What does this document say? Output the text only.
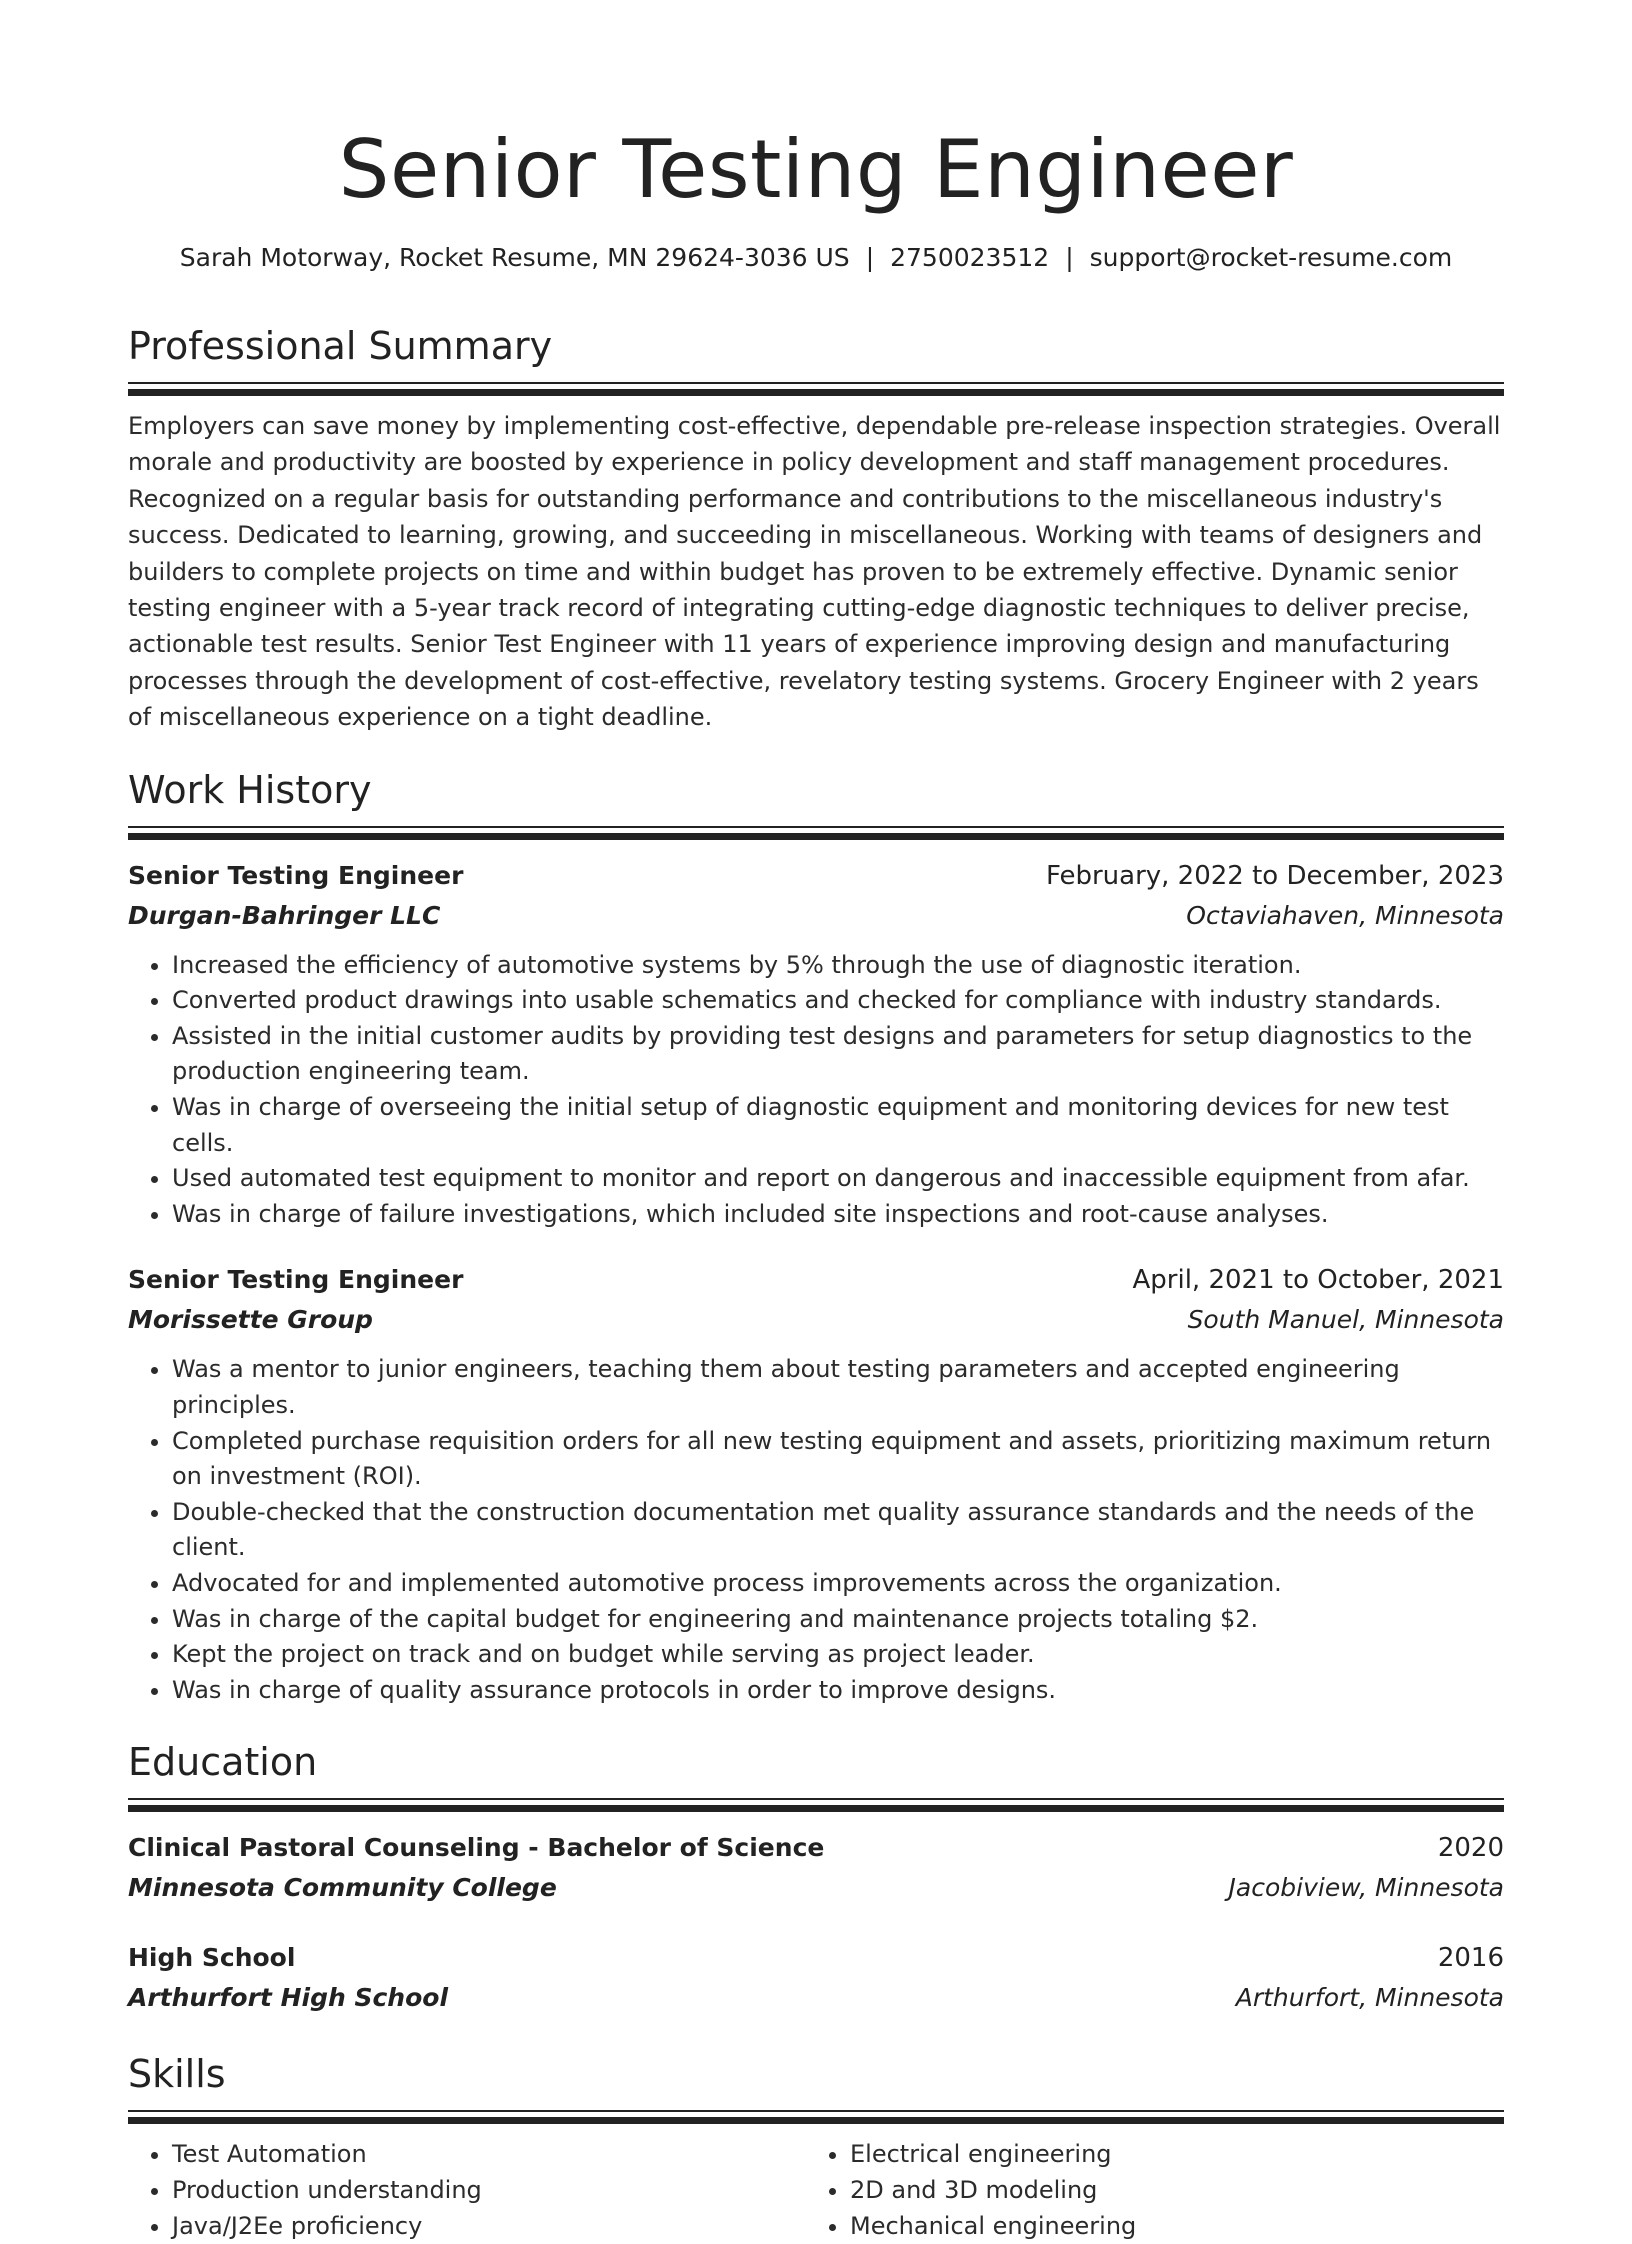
Senior Testing Engineer
Sarah Motorway, Rocket Resume, MN 29624-3036 US | 2750023512 | support@rocket-resume.com
Professional Summary

Employers can save money by implementing cost-effective, dependable pre-release inspection strategies. Overall morale and productivity are boosted by experience in policy development and staff management procedures. Recognized on a regular basis for outstanding performance and contributions to the miscellaneous industry's success. Dedicated to learning, growing, and succeeding in miscellaneous. Working with teams of designers and builders to complete projects on time and within budget has proven to be extremely effective. Dynamic senior testing engineer with a 5-year track record of integrating cutting-edge diagnostic techniques to deliver precise, actionable test results. Senior Test Engineer with 11 years of experience improving design and manufacturing processes through the development of cost-effective, revelatory testing systems. Grocery Engineer with 2 years of miscellaneous experience on a tight deadline.

Work History
Senior Testing Engineer	February, 2022 to December, 2023
Durgan-Bahringer LLC	Octaviahaven, Minnesota
• Increased the efficiency of automotive systems by 5% through the use of diagnostic iteration.
• Converted product drawings into usable schematics and checked for compliance with industry standards.
• Assisted in the initial customer audits by providing test designs and parameters for setup diagnostics to the production engineering team.
• Was in charge of overseeing the initial setup of diagnostic equipment and monitoring devices for new test cells.
• Used automated test equipment to monitor and report on dangerous and inaccessible equipment from afar.
• Was in charge of failure investigations, which included site inspections and root-cause analyses.
Senior Testing Engineer	April, 2021 to October, 2021
Morissette Group	South Manuel, Minnesota
• Was a mentor to junior engineers, teaching them about testing parameters and accepted engineering principles.
• Completed purchase requisition orders for all new testing equipment and assets, prioritizing maximum return on investment (ROI).
• Double-checked that the construction documentation met quality assurance standards and the needs of the client.
• Advocated for and implemented automotive process improvements across the organization.
• Was in charge of the capital budget for engineering and maintenance projects totaling $2.
• Kept the project on track and on budget while serving as project leader.
• Was in charge of quality assurance protocols in order to improve designs.
Education
Clinical Pastoral Counseling - Bachelor of Science	2020
Minnesota Community College	Jacobiview, Minnesota
High School	2016
Arthurfort High School	Arthurfort, Minnesota
Skills
• Test Automation
• Production understanding
• Java/J2Ee proficiency
• Electrical engineering
• 2D and 3D modeling
• Mechanical engineering
